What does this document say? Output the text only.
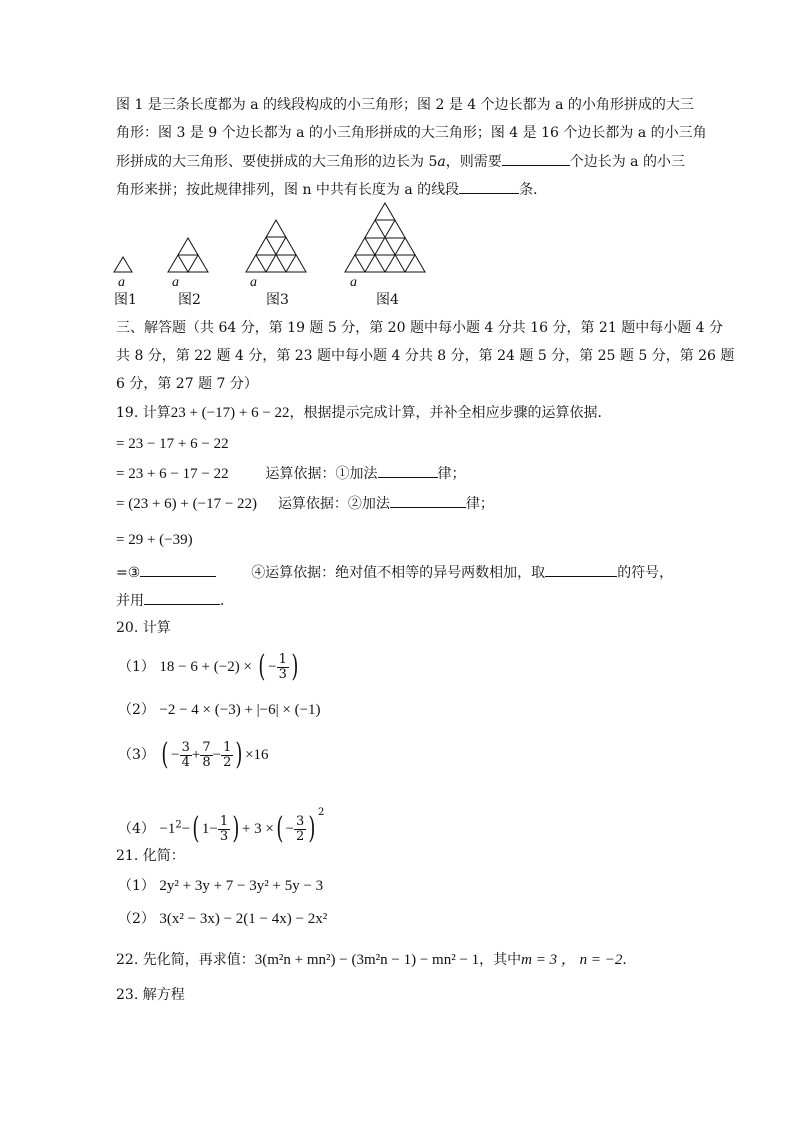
图 1 是三条长度都为 a 的线段构成的小三角形；图 2 是 4 个边长都为 a 的小角形拼成的大三
角形：图 3 是 9 个边长都为 a 的小三角形拼成的大三角形；图 4 是 16 个边长都为 a 的小三角
形拼成的大三角形、要使拼成的大三角形的边长为 5a，则需要	个边长为 a 的小三
角形来拼；按此规律排列，图 n 中共有长度为 a 的线段	条．
a	a	a	a
图1	图2	图3	图4
三、解答题（共 64 分，第 19 题 5 分，第 20 题中每小题 4 分共 16 分，第 21 题中每小题 4 分
共 8 分，第 22 题 4 分，第 23 题中每小题 4 分共 8 分，第 24 题 5 分，第 25 题 5 分，第 26 题
6 分，第 27 题 7 分）
19. 计算23 + (−17) + 6 − 22，根据提示完成计算，并补全相应步骤的运算依据．
= 23 − 17 + 6 − 22
= 23 + 6 − 17 − 22	运算依据：①加法	律；
= (23 + 6) + (−17 − 22) 运算依据：②加法	律；
= 29 + (−39)
=③	④运算依据：绝对值不相等的异号两数相加，取	的符号，
并用	．
20. 计算
（1） 18 − 6 + (−2) × ( − $\frac{1}{3}$ )
（2） −2 − 4 × (−3) + |−6| × (−1)
（3） ( − $\frac{3}{4} + \frac{7}{8} - \frac{1}{2}$ ) ×16
$(4) -1^2-$( $1- \frac{1}{3}$ ) + 3 ×( − $\frac{3}{2}$ ) $^2$
21. 化简：
（1） 2y² + 3y + 7 − 3y² + 5y − 3
（2） 3(x² − 3x) − 2(1 − 4x) − 2x²
22. 先化简，再求值：3(m²n + mn²) − (3m²n − 1) − mn² − 1，其中m = 3 ， n = −2．
23. 解方程
